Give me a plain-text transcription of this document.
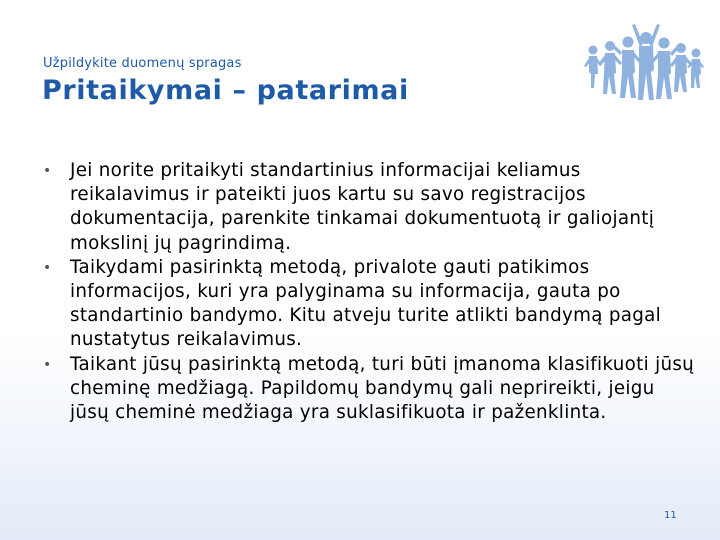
Užpildykite duomenų spragas
Pritaikymai – patarimai
• Jei norite pritaikyti standartinius informacijai keliamus reikalavimus ir pateikti juos kartu su savo registracijos dokumentacija, parenkite tinkamai dokumentuotą ir galiojantį mokslinį jų pagrindimą.
• Taikydami pasirinktą metodą, privalote gauti patikimos informacijos, kuri yra palyginama su informacija, gauta po standartinio bandymo. Kitu atveju turite atlikti bandymą pagal nustatytus reikalavimus.
• Taikant jūsų pasirinktą metodą, turi būti įmanoma klasifikuoti jūsų cheminę medžiagą. Papildomų bandymų gali neprireikti, jeigu jūsų cheminė medžiaga yra suklasifikuota ir paženklinta.
11
